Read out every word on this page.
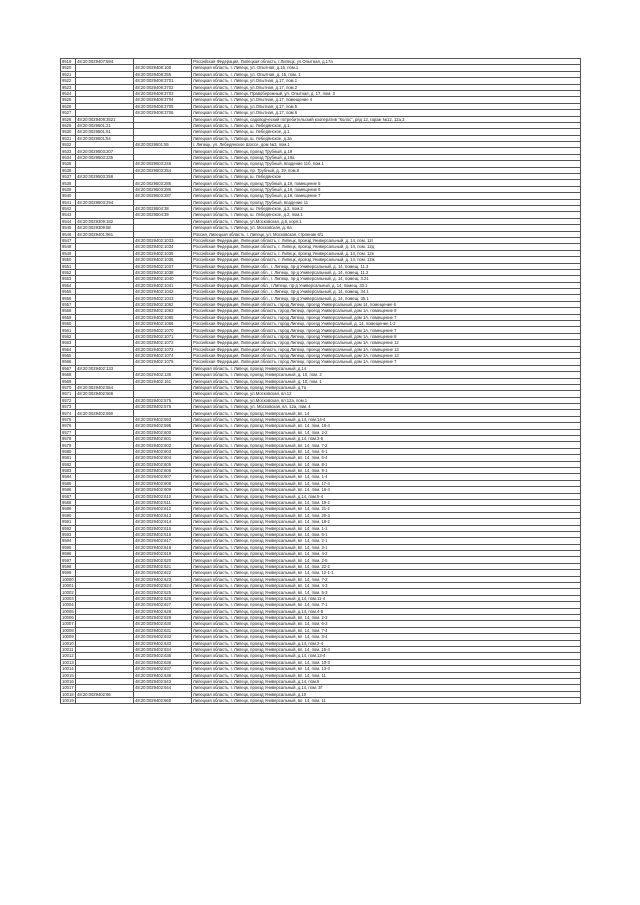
9519	48:20:0029407:594		Российская Федерация, Липецкая область, г.Липецк, ул.Опытная, д.17а
9520		48:20:0029408:100	Липецкая область, г. Липецк, ул. Опытная, д.15, пом.1
9521		48:20:0029408:255	Липецкая область, г. Липецк, ул. Опытная, д. 15, пом. 1
9522		48:20:0029408:3701	Липецкая область, г. Липецк, ул.Опытная, д.17, пом.1
9523		48:20:0029408:3702	Липецкая область, г. Липецк, ул.Опытная, д.17, пом.2
9524		48:20:0029408:3703	Липецкая область, г. Липецк, Правобережный, ул. Опытная, д. 17, пом. 3
9525		48:20:0029408:3704	Липецкая область, г. Липецк, ул.Опытная, д.17, помещение 4
9526		48:20:0029408:3705	Липецкая область, г. Липецк, ул.Опытная, д.17, пом.5
9527		48:20:0029408:3706	Липецкая область, г. Липецк, ул.Опытная, д.17, пом.6
9528	48:20:0029409:3521		Липецкая область, г. Липецк, садоводческий потребительский кооператив "Колос", ряд 12, гараж №12, 12а,3
9529	48:20:0029501:21		Липецкая область, г. Липецк, ш. Лебедянское, д.1
9530	48:20:0029501:51		Липецкая область, г. Липецк, ш. Лебедянское, д.1
9531	48:20:0029501:54		Липецкая область, г. Липецк, ш. Лебедянское, д.3а
9532		48:20:0029501:55	г. Липецк, ул. Лебедянское Шоссе, дом №3, пом.1
9533	48:20:0029503:207		Липецкая область, г. Липецк, проезд Трубный, д.19
9534	48:20:0029503:235		Липецкая область, г. Липецк, проезд Трубный, д.19а
9535		48:20:0029503:246	Липецкая область, г. Липецк, проезд Трубный, владение 11б, пом.1
9536		48:20:0029503:254	Липецкая область, г. Липецк, пр. Трубный, д. 19, пом.8
9537	48:20:0029503:258		Липецкая область, г. Липецк, ш. Лебедянское
9538		48:20:0029503:285	Липецкая область, г. Липецк, проезд Трубный, д.19, помещение 5
9539		48:20:0029503:286	Липецкая область, г. Липецк, проезд Трубный, д.19, помещение 6
9540		48:20:0029503:287	Липецкая область, г. Липецк, проезд Трубный, д.19, помещение 7
9541	48:20:0029503:294		Липецкая область, г. Липецк, проезд Трубный, владение 11
9542		48:20:0029504:38	Липецкая область, г. Липецк, ш. Лебедянское, д.2, пом.2
9543		48:20:0029504:39	Липецкая область, г. Липецк, ш. Лебедянское, д.2, пом.1
9544	48:20:0029309:182		Липецкая область, г. Липецк, ул.Московская, д.6, корп.1
9545	48:20:0029309:58		Липецкая область, г. Липецк, ул. Московская, д. 6а
9546	48:20:0029401:961		Россия, Липецкая область, г. Липецк, ул. Московская, строение 6/1
9547		48:20:0029402:1033	Российская Федерация, Липецкая область, г. Липецк, проезд Универсальный, д. 14, пом. 12г
9548		48:20:0029402:1034	Российская Федерация, Липецкая область, г. Липецк, проезд Универсальный, д. 14, пом. 12д
9549		48:20:0029402:1035	Российская Федерация, Липецкая область, г. Липецк, проезд Универсальный, д. 14, пом. 12е
9550		48:20:0029402:1036	Российская Федерация, Липецкая область, г. Липецк, проезд Универсальный, д. 14, пом. 12ж
9551		48:20:0029402:1037	Российская Федерация, Липецкая обл., г. Липецк, пр-д Универсальный, д. 14, помещ. 11.3
9552		48:20:0029402:1038	Российская Федерация, Липецкая обл., г. Липецк, пр-д Универсальный, д. 14, помещ. 11.2
9553		48:20:0029402:1040	Российская Федерация, Липецкая обл., г. Липецк, пр-д Универсальный, д. 14, помещ. 3.21
9554		48:20:0029402:1041	Российская Федерация, Липецкая обл., г.Липецк, пр-д Универсальный, д. 14, помещ. 33.1
9555		48:20:0029402:1042	Российская Федерация, Липецкая обл., г. Липецк, пр-д Универсальный, д. 14, помещ. 34.1
9556		48:20:0029402:1043	Российская Федерация, Липецкая обл., г. Липецк, пр-д Универсальный, д. 14, помещ. 35.1
9557		48:20:0029402:1062	Российская Федерация, Липецкая область, город Липецк, проезд Универсальный, дом 14, помещение 6
9558		48:20:0029402:1063	Российская Федерация, Липецкая область, город Липецк, проезд Универсальный, дом 1А, помещение 9
9559		48:20:0029402:1065	Российская Федерация, Липецкая область, город Липецк, проезд Универсальный, дом 1А, помещение 7
9560		48:20:0029402:1066	Российская Федерация, Липецкая область, город Липецк, проезд Универсальный, д. 14, помещение 1-2
9561		48:20:0029402:1070	Российская Федерация, Липецкая область, город Липецк, проезд Универсальный, дом 1А, помещение 7
9562		48:20:0029402:1071	Российская Федерация, Липецкая область, город Липецк, проезд Универсальный, дом 1А, помещение 8
9563		48:20:0029402:1072	Российская Федерация, Липецкая область, город Липецк, проезд Универсальный, дом 1А, помещение 12
9564		48:20:0029402:1073	Российская Федерация, Липецкая область, город Липецк, проезд Универсальный, дом 1А, помещение 13
9565		48:20:0029402:1074	Российская Федерация, Липецкая область, город Липецк, проезд Универсальный, дом 1А, помещение 13
9566		48:20:0029402:1075	Российская Федерация, Липецкая область, город Липецк, проезд Универсальный, дом 1А, помещение 7
9567	48:20:0029402:133		Липецкая область, г. Липецк, проезд Универсальный, д.14
9568		48:20:0029402:136	Липецкая область, г. Липецк, проезд Универсальный, д. 10, пом. 2
9569		48:20:0029402:151	Липецкая область, г. Липецк, проезд Универсальный, д. 10, пом. 1
9570	48:20:0029402:554		Липецкая область, г. Липецк, проезд Универсальный, д.7а
9571	48:20:0029402:566		Липецкая область, г. Липецк, ул.Московская, вл.12
9572		48:20:0029402:575	Липецкая область, г. Липецк, ул.Московская, вл.12а, пом.1
9573		48:20:0029402:578	Липецкая область, г. Липецк, ул. Московская, вл. 12а, пом. 4
9574	48:20:0029402:590		Липецкая область, г. Липецк, проезд Универсальный, вл. 14
9575		48:20:0029402:593	Липецкая область, г. Липецк, проезд Универсальный, д.14, пом.14-4
9576		48:20:0029402:595	Липецкая область, г. Липецк, проезд Универсальный, вл. 14, пом. 18-4
9577		48:20:0029402:600	Липецкая область, г. Липецк, проезд Универсальный, вл. 14, пом. 2-2
9578		48:20:0029402:601	Липецкая область, г. Липецк, проезд Универсальный, д.14, пом.3-5
9579		48:20:0029402:602	Липецкая область, г. Липецк, проезд Универсальный, вл. 14, пом. 7-2
9580		48:20:0029402:603	Липецкая область, г. Липецк, проезд Универсальный, вл. 14, пом. 6-1
9581		48:20:0029402:604	Липецкая область, г. Липецк, проезд Универсальный, вл. 14, пом. 6-4
9582		48:20:0029402:605	Липецкая область, г. Липецк, проезд Универсальный, вл. 14, пом. 8-1
9583		48:20:0029402:606	Липецкая область, г. Липецк, проезд Универсальный, вл. 14, пом. 9-1
9584		48:20:0029402:607	Липецкая область, г. Липецк, проезд Универсальный, вл. 14, пом. 1-4
9585		48:20:0029402:608	Липецкая область, г. Липецк, проезд Универсальный, вл. 14, пом. 17-4
9586		48:20:0029402:609	Липецкая область, г. Липецк, проезд Универсальный, вл. 14, пом. 16-4
9587		48:20:0029402:610	Липецкая область, г. Липецк, проезд Универсальный, д.14, пом.5-4
9588		48:20:0029402:611	Липецкая область, г. Липецк, проезд Универсальный, вл. 14, пом. 19-2
9589		48:20:0029402:612	Липецкая область, г. Липецк, проезд Универсальный, вл. 14, пом. 21-2
9590		48:20:0029402:613	Липецкая область, г. Липецк, проезд Универсальный, вл. 14, пом. 20-3
9591		48:20:0029402:614	Липецкая область, г. Липецк, проезд Универсальный, вл. 14, пом. 18-2
9592		48:20:0029402:615	Липецкая область, г. Липецк, проезд Универсальный, вл. 14, пом. 1-1
9593		48:20:0029402:616	Липецкая область, г. Липецк, проезд Универсальный, вл. 14, пом. 6-1
9594		48:20:0029402:617	Липецкая область, г. Липецк, проезд Универсальный, вл. 14, пом. 2-1
9595		48:20:0029402:618	Липецкая область, г. Липецк, проезд Универсальный, вл. 14, пом. 3-1
9596		48:20:0029402:619	Липецкая область, г. Липецк, проезд Универсальный, вл. 14, пом. 4-2
9597		48:20:0029402:620	Липецкая область, г. Липецк, проезд Универсальный, вл. 14, пом. 2-5
9598		48:20:0029402:621	Липецкая область, г. Липецк, проезд Универсальный, вл. 14, пом. 22-2
9599		48:20:0029402:622	Липецкая область, г. Липецк, проезд Универсальный, вл. 14, пом. 12-1-1
10000		48:20:0029402:623	Липецкая область, г. Липецк, проезд Универсальный, вл. 14, пом. 7-2
10001		48:20:0029402:624	Липецкая область, г. Липецк, проезд Универсальный, вл. 14, пом. 4-3
10002		48:20:0029402:625	Липецкая область, г. Липецк, проезд Универсальный, вл. 14, пом. 5-3
10003		48:20:0029402:626	Липецкая область, г. Липецк, проезд Универсальный, д.14, пом.11-4
10004		48:20:0029402:627	Липецкая область, г. Липецк, проезд Универсальный, вл. 14, пом. 7-1
10005		48:20:0029402:628	Липецкая область, г. Липецк, проезд Универсальный, д.14, пом.4-5
10006		48:20:0029402:629	Липецкая область, г. Липецк, проезд Универсальный, вл. 14, пом. 2-3
10007		48:20:0029402:630	Липецкая область, г. Липецк, проезд Универсальный, вл. 14, пом. 6-3
10008		48:20:0029402:631	Липецкая область, г. Липецк, проезд Универсальный, вл. 14, пом. 7-4
10009		48:20:0029402:632	Липецкая область, г. Липецк, проезд Универсальный, вл. 14, пом. 3-4
10010		48:20:0029402:633	Липецкая область, г. Липецк, проезд Универсальный, д.14, пом.2-4
10011		48:20:0029402:634	Липецкая область, г. Липецк, проезд Универсальный, вл. 14, пом. 15-4
10012		48:20:0029402:635	Липецкая область, г. Липецк, проезд Универсальный, д.14, пом.12-4
10013		48:20:0029402:636	Липецкая область, г. Липецк, проезд Универсальный, вл. 14, пом. 10-3
10014		48:20:0029402:637	Липецкая область, г. Липецк, проезд Универсальный, вл. 14, пом. 13-4
10015		48:20:0029402:638	Липецкая область, г. Липецк, проезд Универсальный, вл. 14, пом. 11
10016		48:20:0029402:643	Липецкая область, г. Липецк, проезд Универсальный, д.14, пом.5
10017		48:20:0029402:644	Липецкая область, г. Липецк, проезд Универсальный, д.14, пом. 3Г
10018	48:20:0029402:66		Липецкая область, г. Липецк, проезд Универсальный, д.10
10019		48:20:0029402:660	Липецкая область, г. Липецк, проезд Универсальный, вл. 14, пом. 11
